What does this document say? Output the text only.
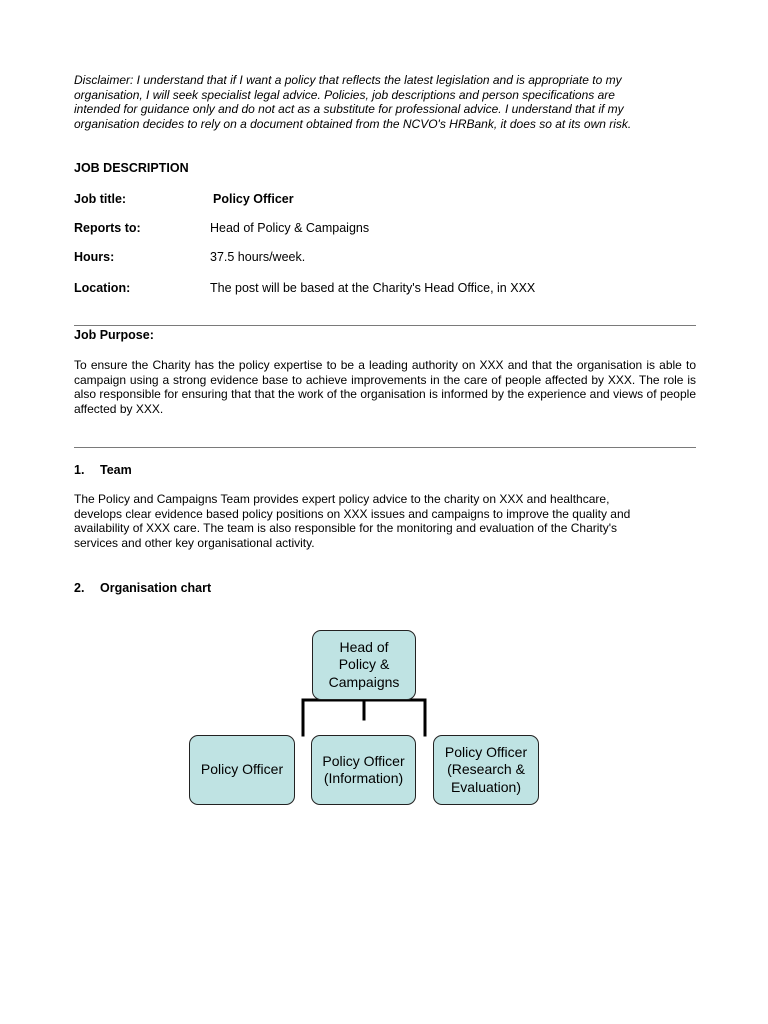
Disclaimer: I understand that if I want a policy that reflects the latest legislation and is appropriate to my
organisation, I will seek specialist legal advice. Policies, job descriptions and person specifications are
intended for guidance only and do not act as a substitute for professional advice. I understand that if my
organisation decides to rely on a document obtained from the NCVO's HRBank, it does so at its own risk.
JOB DESCRIPTION
Job title:	Policy Officer
Reports to:	Head of Policy & Campaigns
Hours:	37.5 hours/week.
Location:	The post will be based at the Charity's Head Office, in XXX
Job Purpose:
To ensure the Charity has the policy expertise to be a leading authority on XXX and that the organisation is able to campaign using a strong evidence base to achieve improvements in the care of people affected by XXX. The role is also responsible for ensuring that that the work of the organisation is informed by the experience and views of people affected by XXX.
1. Team
The Policy and Campaigns Team provides expert policy advice to the charity on XXX and healthcare,
develops clear evidence based policy positions on XXX issues and campaigns to improve the quality and
availability of XXX care. The team is also responsible for the monitoring and evaluation of the Charity's
services and other key organisational activity.
2. Organisation chart
Head of
Policy &
Campaigns
Policy Officer
Policy Officer
(Information)
Policy Officer
(Research &
Evaluation)
